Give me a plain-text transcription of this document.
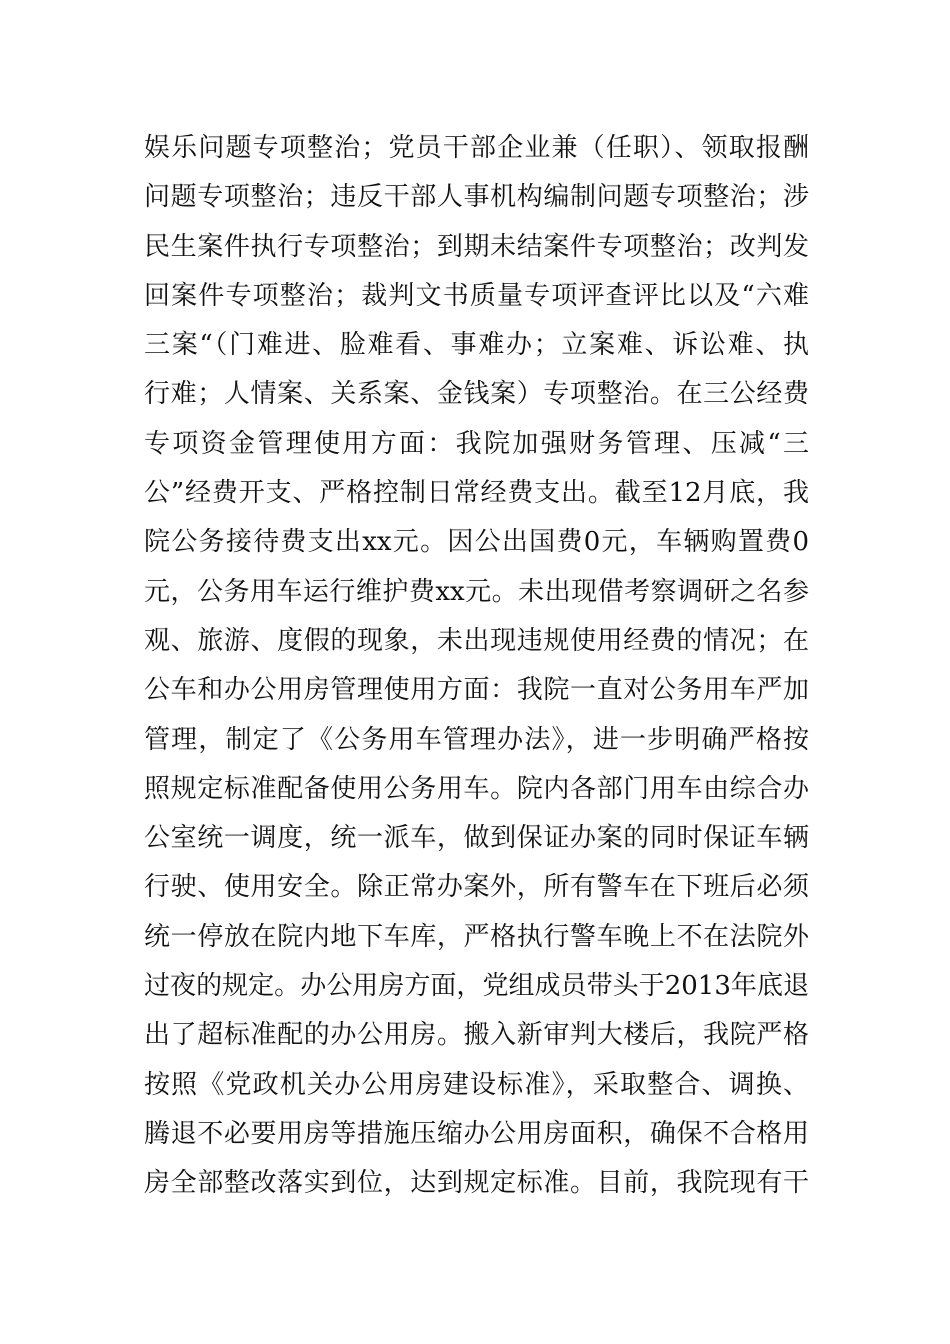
娱乐问题专项整治；党员干部企业兼（任职）、领取报酬
问题专项整治；违反干部人事机构编制问题专项整治；涉
民生案件执行专项整治；到期未结案件专项整治；改判发
回案件专项整治；裁判文书质量专项评查评比以及“六难
三案“（门难进、脸难看、事难办；立案难、诉讼难、执
行难；人情案、关系案、金钱案）专项整治。在三公经费
专项资金管理使用方面：我院加强财务管理、压减“三
公”经费开支、严格控制日常经费支出。截至12月底，我
院公务接待费支出xx元。因公出国费0元，车辆购置费0
元，公务用车运行维护费xx元。未出现借考察调研之名参
观、旅游、度假的现象，未出现违规使用经费的情况；在
公车和办公用房管理使用方面：我院一直对公务用车严加
管理，制定了《公务用车管理办法》，进一步明确严格按
照规定标准配备使用公务用车。院内各部门用车由综合办
公室统一调度，统一派车，做到保证办案的同时保证车辆
行驶、使用安全。除正常办案外，所有警车在下班后必须
统一停放在院内地下车库，严格执行警车晚上不在法院外
过夜的规定。办公用房方面，党组成员带头于2013年底退
出了超标准配的办公用房。搬入新审判大楼后，我院严格
按照《党政机关办公用房建设标准》，采取整合、调换、
腾退不必要用房等措施压缩办公用房面积，确保不合格用
房全部整改落实到位，达到规定标准。目前，我院现有干
